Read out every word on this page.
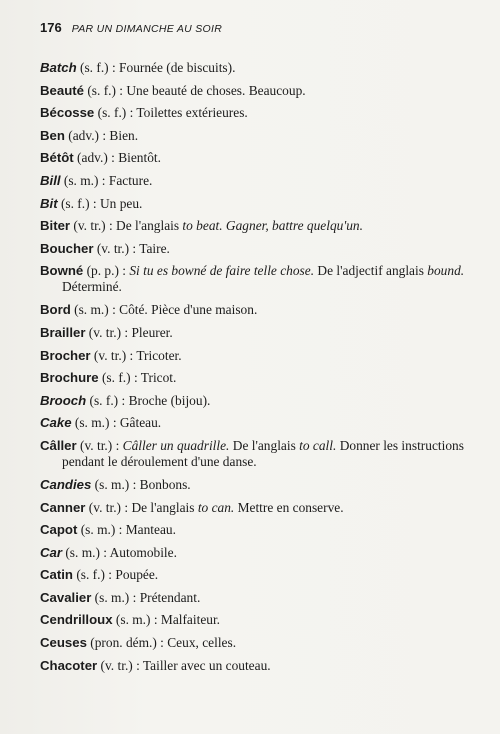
176 PAR UN DIMANCHE AU SOIR
Batch (s. f.) : Fournée (de biscuits).
Beauté (s. f.) : Une beauté de choses. Beaucoup.
Bécosse (s. f.) : Toilettes extérieures.
Ben (adv.) : Bien.
Bétôt (adv.) : Bientôt.
Bill (s. m.) : Facture.
Bit (s. f.) : Un peu.
Biter (v. tr.) : De l'anglais to beat. Gagner, battre quelqu'un.
Boucher (v. tr.) : Taire.
Bowné (p. p.) : Si tu es bowné de faire telle chose. De l'adjectif anglais bound.
Déterminé.
Bord (s. m.) : Côté. Pièce d'une maison.
Brailler (v. tr.) : Pleurer.
Brocher (v. tr.) : Tricoter.
Brochure (s. f.) : Tricot.
Brooch (s. f.) : Broche (bijou).
Cake (s. m.) : Gâteau.
Câller (v. tr.) : Câller un quadrille. De l'anglais to call. Donner les instructions
pendant le déroulement d'une danse.
Candies (s. m.) : Bonbons.
Canner (v. tr.) : De l'anglais to can. Mettre en conserve.
Capot (s. m.) : Manteau.
Car (s. m.) : Automobile.
Catin (s. f.) : Poupée.
Cavalier (s. m.) : Prétendant.
Cendrilloux (s. m.) : Malfaiteur.
Ceuses (pron. dém.) : Ceux, celles.
Chacoter (v. tr.) : Tailler avec un couteau.
